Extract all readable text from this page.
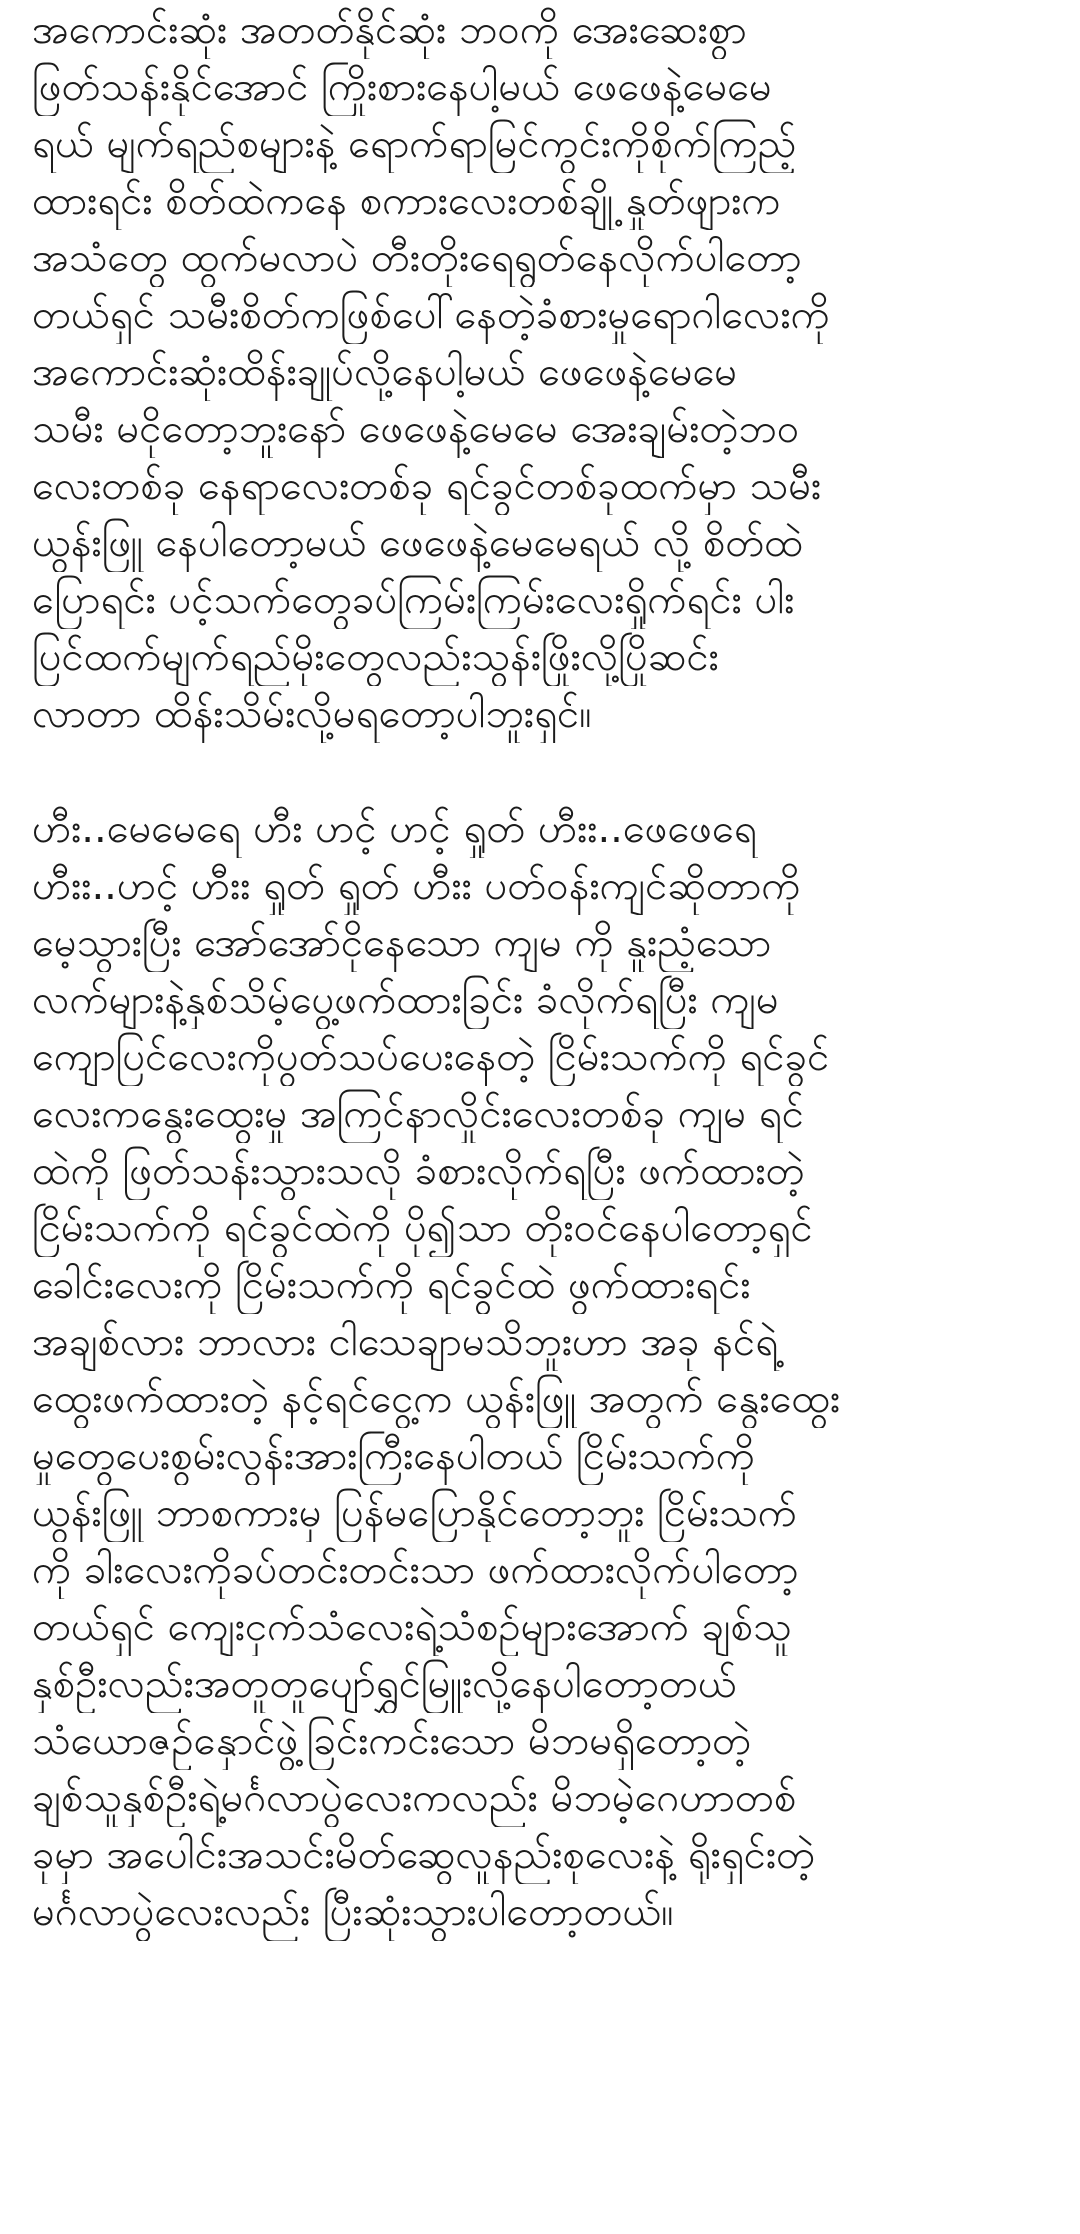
အကောင်းဆုံး အတတ်နိုင်ဆုံး ဘဝကို အေးဆေးစွာ
ဖြတ်သန်းနိုင်အောင် ကြိုးစားနေပါ့မယ် ဖေဖေနဲ့မေမေ
ရယ် မျက်ရည်စများနဲ့ ရောက်ရာမြင်ကွင်းကိုစိုက်ကြည့်
ထားရင်း စိတ်ထဲကနေ စကားလေးတစ်ချို့ နှုတ်ဖျားက
အသံတွေ ထွက်မလာပဲ တီးတိုးရေရွတ်နေလိုက်ပါတော့
တယ်ရှင် သမီးစိတ်ကဖြစ်ပေါ်နေတဲ့ခံစားမှုရောဂါလေးကို
အကောင်းဆုံးထိန်းချုပ်လို့နေပါ့မယ် ဖေဖေနဲ့မေမေ
သမီး မငိုတော့ဘူးနော် ဖေဖေနဲ့မေမေ အေးချမ်းတဲ့ဘဝ
လေးတစ်ခု နေရာလေးတစ်ခု ရင်ခွင်တစ်ခုထက်မှာ သမီး
ယွန်းဖြူ နေပါတော့မယ် ဖေဖေနဲ့မေမေရယ် လို့ စိတ်ထဲ
ပြောရင်း ပင့်သက်တွေခပ်ကြမ်းကြမ်းလေးရှိုက်ရင်း ပါး
ပြင်ထက်မျက်ရည်မိုးတွေလည်းသွန်းဖြိုးလို့ပြိုဆင်း
လာတာ ထိန်းသိမ်းလို့မရတော့ပါဘူးရှင်။
ဟီး..မေမေရေ ဟီး ဟင့် ဟင့် ရှုတ် ဟီးး..ဖေဖေရေ
ဟီးး..ဟင့် ဟီးး ရှုတ် ရှုတ် ဟီးး ပတ်ဝန်းကျင်ဆိုတာကို
မေ့သွားပြီး အော်အော်ငိုနေသော ကျမ ကို နူးညံ့သော
လက်များနဲ့နှစ်သိမ့်ပွေ့ဖက်ထားခြင်း ခံလိုက်ရပြီး ကျမ
ကျောပြင်လေးကိုပွတ်သပ်ပေးနေတဲ့ ငြိမ်းသက်ကို ရင်ခွင်
လေးကနွေးထွေးမှု အကြင်နာလှိုင်းလေးတစ်ခု ကျမ ရင်
ထဲကို ဖြတ်သန်းသွားသလို ခံစားလိုက်ရပြီး ဖက်ထားတဲ့
ငြိမ်းသက်ကို ရင်ခွင်ထဲကို ပို၍သာ တိုးဝင်နေပါတော့ရှင်
ခေါင်းလေးကို ငြိမ်းသက်ကို ရင်ခွင်ထဲ ဖွက်ထားရင်း
အချစ်လား ဘာလား ငါသေချာမသိဘူးဟာ အခု နင်ရဲ့
ထွေးဖက်ထားတဲ့ နင့်ရင်ငွေ့က ယွန်းဖြူ အတွက် နွေးထွေး
မှုတွေပေးစွမ်းလွန်းအားကြီးနေပါတယ် ငြိမ်းသက်ကို
ယွန်းဖြူ ဘာစကားမှ ပြန်မပြောနိုင်တော့ဘူး ငြိမ်းသက်
ကို ခါးလေးကိုခပ်တင်းတင်းသာ ဖက်ထားလိုက်ပါတော့
တယ်ရှင် ကျေးငှက်သံလေးရဲ့သံစဉ်များအောက် ချစ်သူ
နှစ်ဦးလည်းအတူတူပျော်ရွှင်မြူးလို့နေပါတော့တယ်
သံယောဇဉ်နှောင်ဖွဲ့ခြင်းကင်းသော မိဘမရှိတော့တဲ့
ချစ်သူနှစ်ဦးရဲ့မင်္ဂလာပွဲလေးကလည်း မိဘမဲ့ဂေဟာတစ်
ခုမှာ အပေါင်းအသင်းမိတ်ဆွေလူနည်းစုလေးနဲ့ ရိုးရှင်းတဲ့
မင်္ဂလာပွဲလေးလည်း ပြီးဆုံးသွားပါတော့တယ်။
